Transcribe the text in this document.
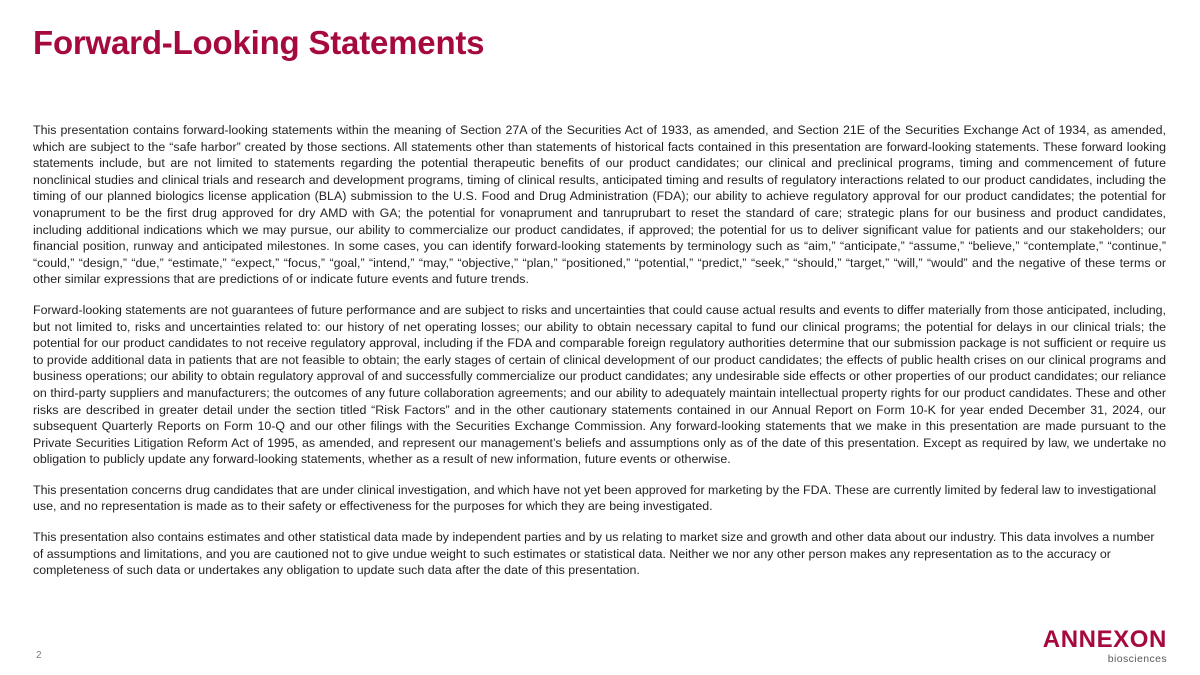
Forward-Looking Statements

This presentation contains forward-looking statements within the meaning of Section 27A of the Securities Act of 1933, as amended, and Section 21E of the Securities Exchange Act of 1934, as amended, which are subject to the “safe harbor” created by those sections. All statements other than statements of historical facts contained in this presentation are forward-looking statements. These forward looking statements include, but are not limited to statements regarding the potential therapeutic benefits of our product candidates; our clinical and preclinical programs, timing and commencement of future nonclinical studies and clinical trials and research and development programs, timing of clinical results, anticipated timing and results of regulatory interactions related to our product candidates, including the timing of our planned biologics license application (BLA) submission to the U.S. Food and Drug Administration (FDA); our ability to achieve regulatory approval for our product candidates; the potential for vonaprument to be the first drug approved for dry AMD with GA; the potential for vonaprument and tanruprubart to reset the standard of care; strategic plans for our business and product candidates, including additional indications which we may pursue, our ability to commercialize our product candidates, if approved; the potential for us to deliver significant value for patients and our stakeholders; our financial position, runway and anticipated milestones. In some cases, you can identify forward-looking statements by terminology such as “aim,” “anticipate,” “assume,” “believe,” “contemplate,” “continue,” “could,” “design,” “due,” “estimate,” “expect,” “focus,” “goal,” “intend,” “may,” “objective,” “plan,” “positioned,” “potential,” “predict,” “seek,” “should,” “target,” “will,” “would” and the negative of these terms or other similar expressions that are predictions of or indicate future events and future trends.

Forward-looking statements are not guarantees of future performance and are subject to risks and uncertainties that could cause actual results and events to differ materially from those anticipated, including, but not limited to, risks and uncertainties related to: our history of net operating losses; our ability to obtain necessary capital to fund our clinical programs; the potential for delays in our clinical trials; the potential for our product candidates to not receive regulatory approval, including if the FDA and comparable foreign regulatory authorities determine that our submission package is not sufficient or require us to provide additional data in patients that are not feasible to obtain; the early stages of certain of clinical development of our product candidates; the effects of public health crises on our clinical programs and business operations; our ability to obtain regulatory approval of and successfully commercialize our product candidates; any undesirable side effects or other properties of our product candidates; our reliance on third-party suppliers and manufacturers; the outcomes of any future collaboration agreements; and our ability to adequately maintain intellectual property rights for our product candidates. These and other risks are described in greater detail under the section titled “Risk Factors” and in the other cautionary statements contained in our Annual Report on Form 10-K for year ended December 31, 2024, our subsequent Quarterly Reports on Form 10-Q and our other filings with the Securities Exchange Commission. Any forward-looking statements that we make in this presentation are made pursuant to the Private Securities Litigation Reform Act of 1995, as amended, and represent our management’s beliefs and assumptions only as of the date of this presentation. Except as required by law, we undertake no obligation to publicly update any forward-looking statements, whether as a result of new information, future events or otherwise.

This presentation concerns drug candidates that are under clinical investigation, and which have not yet been approved for marketing by the FDA. These are currently limited by federal law to investigational use, and no representation is made as to their safety or effectiveness for the purposes for which they are being investigated.

This presentation also contains estimates and other statistical data made by independent parties and by us relating to market size and growth and other data about our industry. This data involves a number of assumptions and limitations, and you are cautioned not to give undue weight to such estimates or statistical data. Neither we nor any other person makes any representation as to the accuracy or completeness of such data or undertakes any obligation to update such data after the date of this presentation.

2
ANNEXON
biosciences
